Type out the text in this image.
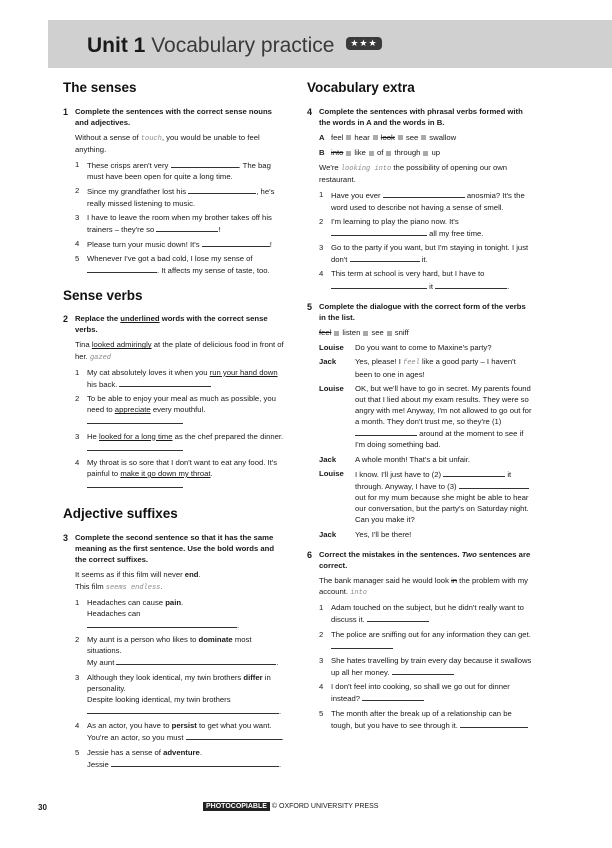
Unit 1 Vocabulary practice ★★★
The senses
1 Complete the sentences with the correct sense nouns and adjectives.
Without a sense of touch, you would be unable to feel anything.
1 These crisps aren't very	. The bag must have been open for quite a long time.
2 Since my grandfather lost his	, he's really missed listening to music.
3 I have to leave the room when my brother takes off his trainers – they're so	!
4 Please turn your music down! It's	!
5 Whenever I've got a bad cold, I lose my sense of . It affects my sense of taste, too.
Sense verbs
2 Replace the underlined words with the correct sense verbs.
Tina looked admiringly at the plate of delicious food in front of her. gazed
1 My cat absolutely loves it when you run your hand down his back.
2 To be able to enjoy your meal as much as possible, you need to appreciate every mouthful.

3 He looked for a long time as the chef prepared the dinner.

4 My throat is so sore that I don't want to eat any food. It's painful to make it go down my throat.

Adjective suffixes
3 Complete the second sentence so that it has the same meaning as the first sentence. Use the bold words and the correct suffixes.
It seems as if this film will never end.
This film seems endless.
1 Headaches can cause pain.
Headaches can .
2 My aunt is a person who likes to dominate most situations.
My aunt	.
3 Although they look identical, my twin brothers differ in personality.
Despite looking identical, my twin brothers
.
4 As an actor, you have to persist to get what you want.
You're an actor, so you must	.
5 Jessie has a sense of adventure.
Jessie	.
Vocabulary extra
4 Complete the sentences with phrasal verbs formed with the words in A and the words in B.
A feel hear look see swallow
B into like of through up
We're looking into the possibility of opening our own restaurant.
1 Have you ever	anosmia? It's the word used to describe not having a sense of smell.
2 I'm learning to play the piano now. It's
all my free time.
3 Go to the party if you want, but I'm staying in tonight. I just don't	it.
4 This term at school is very hard, but I have to
it	.
5 Complete the dialogue with the correct form of the verbs in the list.
feel listen see sniff
Louise	Do you want to come to Maxine's party?
Jack	Yes, please! I feel like a good party – I haven't been to one in ages!
Louise	OK, but we'll have to go in secret. My parents found out that I lied about my exam results. They were so angry with me! Anyway, I'm not allowed to go out for a month. They don't trust me, so they're (1)  around at the moment to see if I'm doing something bad.
Jack	A whole month! That's a bit unfair.
Louise	I know. I'll just have to (2)	it through. Anyway, I have to (3)  out for my mum because she might be able to hear our conversation, but the party's on Saturday night. Can you make it?
Jack	Yes, I'll be there!
6 Correct the mistakes in the sentences. Two sentences are correct.
The bank manager said he would look in the problem with my account. into
1 Adam touched on the subject, but he didn't really want to discuss it.
2 The police are sniffing out for any information they can get.
3 She hates travelling by train every day because it swallows up all her money.
4 I don't feel into cooking, so shall we go out for dinner instead?
5 The month after the break up of a relationship can be tough, but you have to see through it.
30	PHOTOCOPIABLE © OXFORD UNIVERSITY PRESS
